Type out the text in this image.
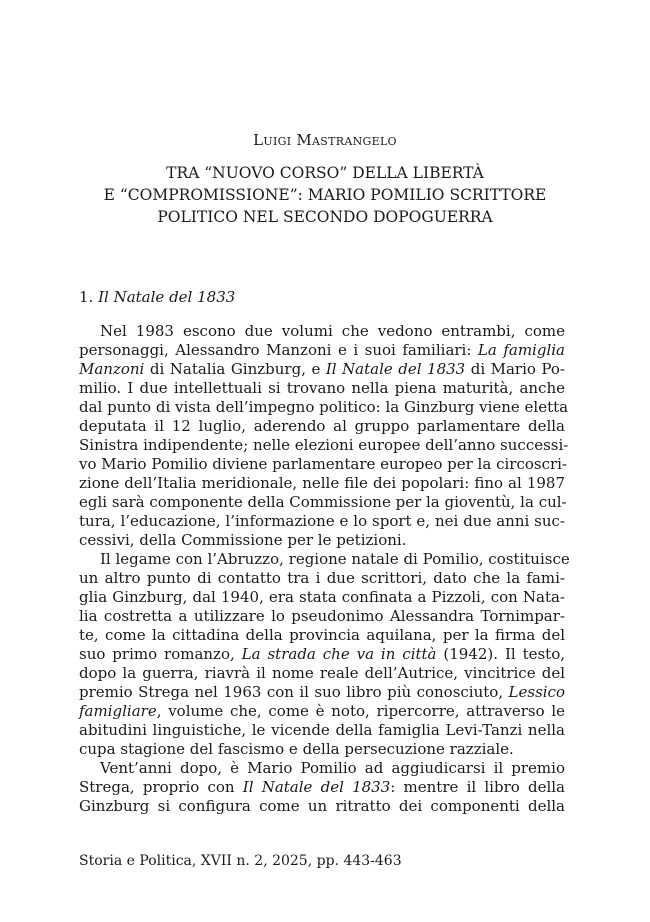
Luigi Mastrangelo
TRA “NUOVO CORSO” DELLA LIBERTÀ
E “COMPROMISSIONE”: MARIO POMILIO SCRITTORE
POLITICO NEL SECONDO DOPOGUERRA
1. Il Natale del 1833
Nel 1983 escono due volumi che vedono entrambi, come
personaggi, Alessandro Manzoni e i suoi familiari: La famiglia
Manzoni di Natalia Ginzburg, e Il Natale del 1833 di Mario Po-
milio. I due intellettuali si trovano nella piena maturità, anche
dal punto di vista dell’impegno politico: la Ginzburg viene eletta
deputata il 12 luglio, aderendo al gruppo parlamentare della
Sinistra indipendente; nelle elezioni europee dell’anno successi-
vo Mario Pomilio diviene parlamentare europeo per la circoscri-
zione dell’Italia meridionale, nelle file dei popolari: fino al 1987
egli sarà componente della Commissione per la gioventù, la cul-
tura, l’educazione, l’informazione e lo sport e, nei due anni suc-
cessivi, della Commissione per le petizioni.
Il legame con l’Abruzzo, regione natale di Pomilio, costituisce
un altro punto di contatto tra i due scrittori, dato che la fami-
glia Ginzburg, dal 1940, era stata confinata a Pizzoli, con Nata-
lia costretta a utilizzare lo pseudonimo Alessandra Tornimpar-
te, come la cittadina della provincia aquilana, per la firma del
suo primo romanzo, La strada che va in città (1942). Il testo,
dopo la guerra, riavrà il nome reale dell’Autrice, vincitrice del
premio Strega nel 1963 con il suo libro più conosciuto, Lessico
famigliare, volume che, come è noto, ripercorre, attraverso le
abitudini linguistiche, le vicende della famiglia Levi-Tanzi nella
cupa stagione del fascismo e della persecuzione razziale.
Vent’anni dopo, è Mario Pomilio ad aggiudicarsi il premio
Strega, proprio con Il Natale del 1833: mentre il libro della
Ginzburg si configura come un ritratto dei componenti della
Storia e Politica, XVII n. 2, 2025, pp. 443-463
